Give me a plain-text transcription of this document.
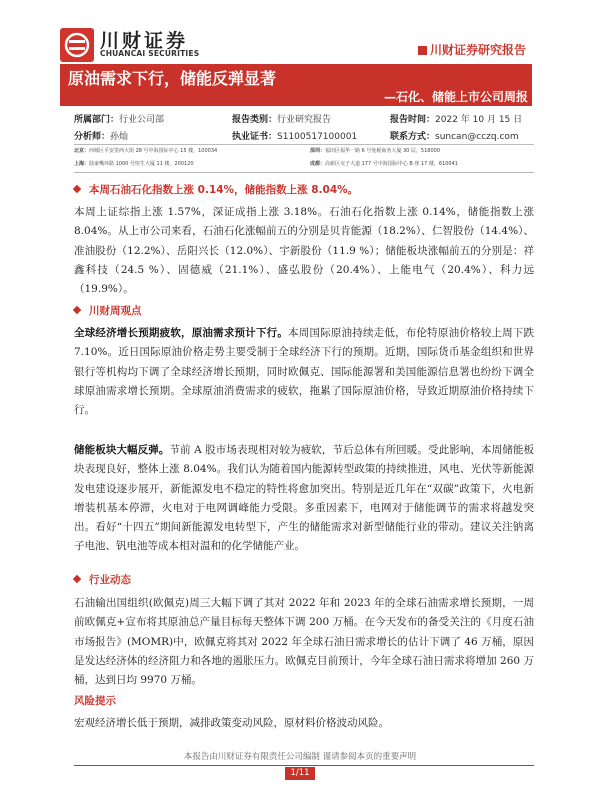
川财证券
CHUANCAI SECURITIES	川财证券研究报告
原油需求下行，储能反弹显著
—石化、储能上市公司周报
所属部门：行业公司部	报告类别：行业研究报告	报告时间：2022 年 10 月 15 日
分析师：孙灿	执业证书：S1100517100001	联系方式：suncan@cczq.com
北京：西城区平安里西大街 28 号中海国际中心 15 楼，100034	深圳：福田区福华一路 6 号免税商务大厦 30 层，518000
上海：陆家嘴环路 1000 号恒生大厦 11 楼，200120	成都：高新区交子大道 177 号中海国际中心 B 座 17 楼，610041
本周石油石化指数上涨 0.14%，储能指数上涨 8.04%。

本周上证综指上涨 1.57%，深证成指上涨 3.18%。石油石化指数上涨 0.14%，储能指数上涨 8.04%。从上市公司来看，石油石化涨幅前五的分别是贝肯能源（18.2%）、仁智股份（14.4%）、准油股份（12.2%）、岳阳兴长（12.0%）、宇新股份（11.9 %）；储能板块涨幅前五的分别是：祥鑫科技（24.5 %）、固德威（21.1%）、盛弘股份（20.4%）、上能电气（20.4%）、科力远（19.9%）。

川财周观点

全球经济增长预期疲软，原油需求预计下行。本周国际原油持续走低，布伦特原油价格较上周下跌 7.10%。近日国际原油价格走势主要受制于全球经济下行的预期。近期，国际货币基金组织和世界银行等机构均下调了全球经济增长预期，同时欧佩克、国际能源署和美国能源信息署也纷纷下调全球原油需求增长预期。全球原油消费需求的疲软，拖累了国际原油价格，导致近期原油价格持续下行。

储能板块大幅反弹。节前 A 股市场表现相对较为疲软，节后总体有所回暖。受此影响，本周储能板块表现良好，整体上涨 8.04%。我们认为随着国内能源转型政策的持续推进，风电、光伏等新能源发电建设逐步展开，新能源发电不稳定的特性将愈加突出。特别是近几年在“双碳”政策下，火电新增装机基本停滞，火电对于电网调峰能力受限。多重因素下，电网对于储能调节的需求将越发突出。看好“十四五”期间新能源发电转型下，产生的储能需求对新型储能行业的带动。建议关注钠离子电池、钒电池等成本相对温和的化学储能产业。

行业动态

石油输出国组织(欧佩克)周三大幅下调了其对 2022 年和 2023 年的全球石油需求增长预期，一周前欧佩克+宣布将其原油总产量目标每天整体下调 200 万桶。在今天发布的备受关注的《月度石油市场报告》(MOMR)中，欧佩克将其对 2022 年全球石油日需求增长的估计下调了 46 万桶，原因是发达经济体的经济阻力和各地的遏胀压力。欧佩克目前预计，今年全球石油日需求将增加 260 万桶，达到日均 9970 万桶。

风险提示

宏观经济增长低于预期，减排政策变动风险，原材料价格波动风险。

本报告由川财证券有限责任公司编制 谨请参阅本页的重要声明
1/11
